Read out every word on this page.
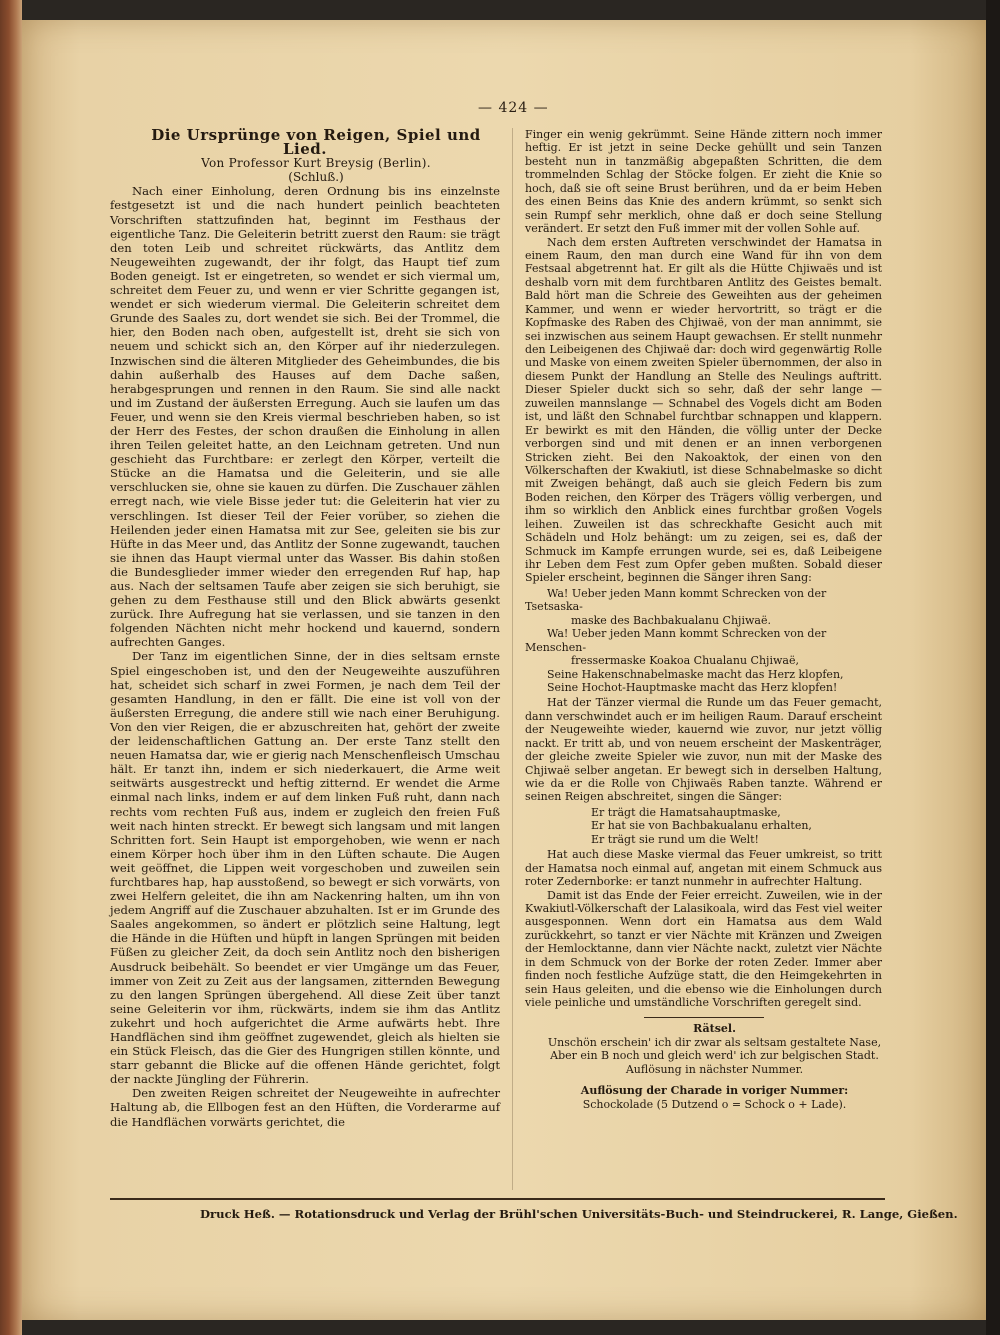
— 424 —

Die Ursprünge von Reigen, Spiel und Lied.

Von Professor Kurt Breysig (Berlin).

(Schluß.)

Nach einer Einholung, deren Ordnung bis ins einzelnste festgesetzt ist und die nach hundert peinlich beachteten Vorschriften stattzufinden hat, beginnt im Festhaus der eigentliche Tanz. Die Geleiterin betritt zuerst den Raum: sie trägt den toten Leib und schreitet rückwärts, das Antlitz dem Neugeweihten zugewandt, der ihr folgt, das Haupt tief zum Boden geneigt. Ist er eingetreten, so wendet er sich viermal um, schreitet dem Feuer zu, und wenn er vier Schritte gegangen ist, wendet er sich wiederum viermal. Die Geleiterin schreitet dem Grunde des Saales zu, dort wendet sie sich. Bei der Trommel, die hier, den Boden nach oben, aufgestellt ist, dreht sie sich von neuem und schickt sich an, den Körper auf ihr niederzulegen. Inzwischen sind die älteren Mitglieder des Geheimbundes, die bis dahin außerhalb des Hauses auf dem Dache saßen, herabgesprungen und rennen in den Raum. Sie sind alle nackt und im Zustand der äußersten Erregung. Auch sie laufen um das Feuer, und wenn sie den Kreis viermal beschrieben haben, so ist der Herr des Festes, der schon draußen die Einholung in allen ihren Teilen geleitet hatte, an den Leichnam getreten. Und nun geschieht das Furchtbare: er zerlegt den Körper, verteilt die Stücke an die Hamatsa und die Geleiterin, und sie alle verschlucken sie, ohne sie kauen zu dürfen. Die Zuschauer zählen erregt nach, wie viele Bisse jeder tut: die Geleiterin hat vier zu verschlingen. Ist dieser Teil der Feier vorüber, so ziehen die Heilenden jeder einen Hamatsa mit zur See, geleiten sie bis zur Hüfte in das Meer und, das Antlitz der Sonne zugewandt, tauchen sie ihnen das Haupt viermal unter das Wasser. Bis dahin stoßen die Bundesglieder immer wieder den erregenden Ruf hap, hap aus. Nach der seltsamen Taufe aber zeigen sie sich beruhigt, sie gehen zu dem Festhause still und den Blick abwärts gesenkt zurück. Ihre Aufregung hat sie verlassen, und sie tanzen in den folgenden Nächten nicht mehr hockend und kauernd, sondern aufrechten Ganges.

Der Tanz im eigentlichen Sinne, der in dies seltsam ernste Spiel eingeschoben ist, und den der Neugeweihte auszuführen hat, scheidet sich scharf in zwei Formen, je nach dem Teil der gesamten Handlung, in den er fällt. Die eine ist voll von der äußersten Erregung, die andere still wie nach einer Beruhigung. Von den vier Reigen, die er abzuschreiten hat, gehört der zweite der leidenschaftlichen Gattung an. Der erste Tanz stellt den neuen Hamatsa dar, wie er gierig nach Menschenfleisch Umschau hält. Er tanzt ihn, indem er sich niederkauert, die Arme weit seitwärts ausgestreckt und heftig zitternd. Er wendet die Arme einmal nach links, indem er auf dem linken Fuß ruht, dann nach rechts vom rechten Fuß aus, indem er zugleich den freien Fuß weit nach hinten streckt. Er bewegt sich langsam und mit langen Schritten fort. Sein Haupt ist emporgehoben, wie wenn er nach einem Körper hoch über ihm in den Lüften schaute. Die Augen weit geöffnet, die Lippen weit vorgeschoben und zuweilen sein furchtbares hap, hap ausstoßend, so bewegt er sich vorwärts, von zwei Helfern geleitet, die ihn am Nackenring halten, um ihn von jedem Angriff auf die Zuschauer abzuhalten. Ist er im Grunde des Saales angekommen, so ändert er plötzlich seine Haltung, legt die Hände in die Hüften und hüpft in langen Sprüngen mit beiden Füßen zu gleicher Zeit, da doch sein Antlitz noch den bisherigen Ausdruck beibehält. So beendet er vier Umgänge um das Feuer, immer von Zeit zu Zeit aus der langsamen, zitternden Bewegung zu den langen Sprüngen übergehend. All diese Zeit über tanzt seine Geleiterin vor ihm, rückwärts, indem sie ihm das Antlitz zukehrt und hoch aufgerichtet die Arme aufwärts hebt. Ihre Handflächen sind ihm geöffnet zugewendet, gleich als hielten sie ein Stück Fleisch, das die Gier des Hungrigen stillen könnte, und starr gebannt die Blicke auf die offenen Hände gerichtet, folgt der nackte Jüngling der Führerin.

Den zweiten Reigen schreitet der Neugeweihte in aufrechter Haltung ab, die Ellbogen fest an den Hüften, die Vorderarme auf die Handflächen vorwärts gerichtet, die

Finger ein wenig gekrümmt. Seine Hände zittern noch immer heftig. Er ist jetzt in seine Decke gehüllt und sein Tanzen besteht nun in tanzmäßig abgepaßten Schritten, die dem trommelnden Schlag der Stöcke folgen. Er zieht die Knie so hoch, daß sie oft seine Brust berühren, und da er beim Heben des einen Beins das Knie des andern krümmt, so senkt sich sein Rumpf sehr merklich, ohne daß er doch seine Stellung verändert. Er setzt den Fuß immer mit der vollen Sohle auf.

Nach dem ersten Auftreten verschwindet der Hamatsa in einem Raum, den man durch eine Wand für ihn von dem Festsaal abgetrennt hat. Er gilt als die Hütte Chjiwaës und ist deshalb vorn mit dem furchtbaren Antlitz des Geistes bemalt. Bald hört man die Schreie des Geweihten aus der geheimen Kammer, und wenn er wieder hervortritt, so trägt er die Kopfmaske des Raben des Chjiwaë, von der man annimmt, sie sei inzwischen aus seinem Haupt gewachsen. Er stellt nunmehr den Leibeigenen des Chjiwaë dar: doch wird gegenwärtig Rolle und Maske von einem zweiten Spieler übernommen, der also in diesem Punkt der Handlung an Stelle des Neulings auftritt. Dieser Spieler duckt sich so sehr, daß der sehr lange — zuweilen mannslange — Schnabel des Vogels dicht am Boden ist, und läßt den Schnabel furchtbar schnappen und klappern. Er bewirkt es mit den Händen, die völlig unter der Decke verborgen sind und mit denen er an innen verborgenen Stricken zieht. Bei den Nakoaktok, der einen von den Völkerschaften der Kwakiutl, ist diese Schnabelmaske so dicht mit Zweigen behängt, daß auch sie gleich Federn bis zum Boden reichen, den Körper des Trägers völlig verbergen, und ihm so wirklich den Anblick eines furchtbar großen Vogels leihen. Zuweilen ist das schreckhafte Gesicht auch mit Schädeln und Holz behängt: um zu zeigen, sei es, daß der Schmuck im Kampfe errungen wurde, sei es, daß Leibeigene ihr Leben dem Fest zum Opfer geben mußten. Sobald dieser Spieler erscheint, beginnen die Sänger ihren Sang:

Wa! Ueber jeden Mann kommt Schrecken von der Tsetsaska-

maske des Bachbakualanu Chjiwaë.

Wa! Ueber jeden Mann kommt Schrecken von der Menschen-

fressermaske Koakoa Chualanu Chjiwaë,

Seine Hakenschnabelmaske macht das Herz klopfen,

Seine Hochot-Hauptmaske macht das Herz klopfen!

Hat der Tänzer viermal die Runde um das Feuer gemacht, dann verschwindet auch er im heiligen Raum. Darauf erscheint der Neugeweihte wieder, kauernd wie zuvor, nur jetzt völlig nackt. Er tritt ab, und von neuem erscheint der Maskenträger, der gleiche zweite Spieler wie zuvor, nun mit der Maske des Chjiwaë selber angetan. Er bewegt sich in derselben Haltung, wie da er die Rolle von Chjiwaës Raben tanzte. Während er seinen Reigen abschreitet, singen die Sänger:

Er trägt die Hamatsahauptmaske,

Er hat sie von Bachbakualanu erhalten,

Er trägt sie rund um die Welt!

Hat auch diese Maske viermal das Feuer umkreist, so tritt der Hamatsa noch einmal auf, angetan mit einem Schmuck aus roter Zedernborke: er tanzt nunmehr in aufrechter Haltung.

Damit ist das Ende der Feier erreicht. Zuweilen, wie in der Kwakiutl-Völkerschaft der Lalasikoala, wird das Fest viel weiter ausgesponnen. Wenn dort ein Hamatsa aus dem Wald zurückkehrt, so tanzt er vier Nächte mit Kränzen und Zweigen der Hemlocktanne, dann vier Nächte nackt, zuletzt vier Nächte in dem Schmuck von der Borke der roten Zeder. Immer aber finden noch festliche Aufzüge statt, die den Heimgekehrten in sein Haus geleiten, und die ebenso wie die Einholungen durch viele peinliche und umständliche Vorschriften geregelt sind.

Rätsel.

Unschön erschein' ich dir zwar als seltsam gestaltete Nase,

Aber ein B noch und gleich werd' ich zur belgischen Stadt.

Auflösung in nächster Nummer.

Auflösung der Charade in voriger Nummer:

Schockolade (5 Dutzend o = Schock o + Lade).

Druck Heß. — Rotationsdruck und Verlag der Brühl'schen Universitäts-Buch- und Steindruckerei, R. Lange, Gießen.
